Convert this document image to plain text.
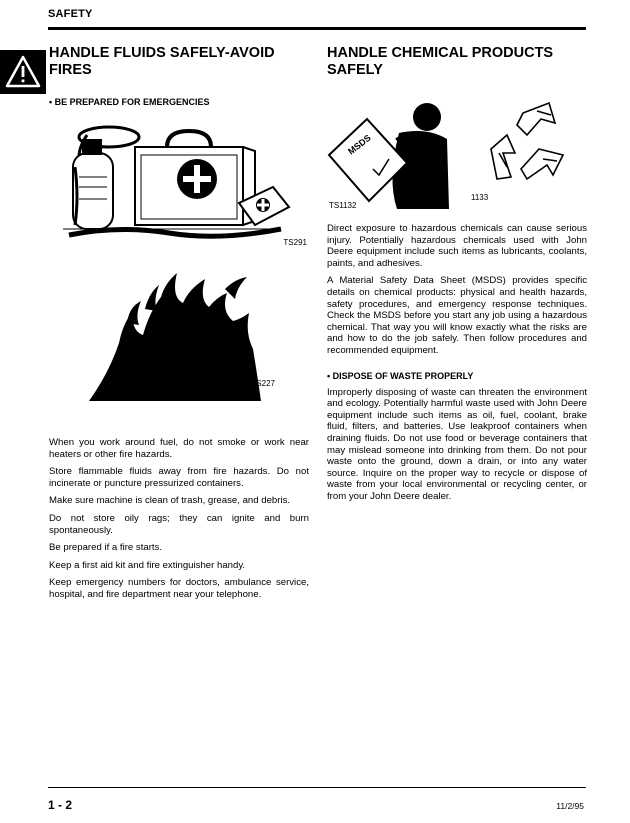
SAFETY
HANDLE FLUIDS SAFELY-AVOID FIRES
• BE PREPARED FOR EMERGENCIES
TS291
TS227

When you work around fuel, do not smoke or work near heaters or other fire hazards.

Store flammable fluids away from fire hazards. Do not incinerate or puncture pressurized containers.

Make sure machine is clean of trash, grease, and debris.

Do not store oily rags; they can ignite and burn spontaneously.

Be prepared if a fire starts.

Keep a first aid kit and fire extinguisher handy.

Keep emergency numbers for doctors, ambulance service, hospital, and fire department near your telephone.

HANDLE CHEMICAL PRODUCTS SAFELY
MSDS
TS1132
1133

Direct exposure to hazardous chemicals can cause serious injury. Potentially hazardous chemicals used with John Deere equipment include such items as lubricants, coolants, paints, and adhesives.

A Material Safety Data Sheet (MSDS) provides specific details on chemical products: physical and health hazards, safety procedures, and emergency response techniques. Check the MSDS before you start any job using a hazardous chemical. That way you will know exactly what the risks are and how to do the job safely. Then follow procedures and recommended equipment.

• DISPOSE OF WASTE PROPERLY

Improperly disposing of waste can threaten the environment and ecology. Potentially harmful waste used with John Deere equipment include such items as oil, fuel, coolant, brake fluid, filters, and batteries. Use leakproof containers when draining fluids. Do not use food or beverage containers that may mislead someone into drinking from them. Do not pour waste onto the ground, down a drain, or into any water source. Inquire on the proper way to recycle or dispose of waste from your local environmental or recycling center, or from your John Deere dealer.

1 - 2	11/2/95
